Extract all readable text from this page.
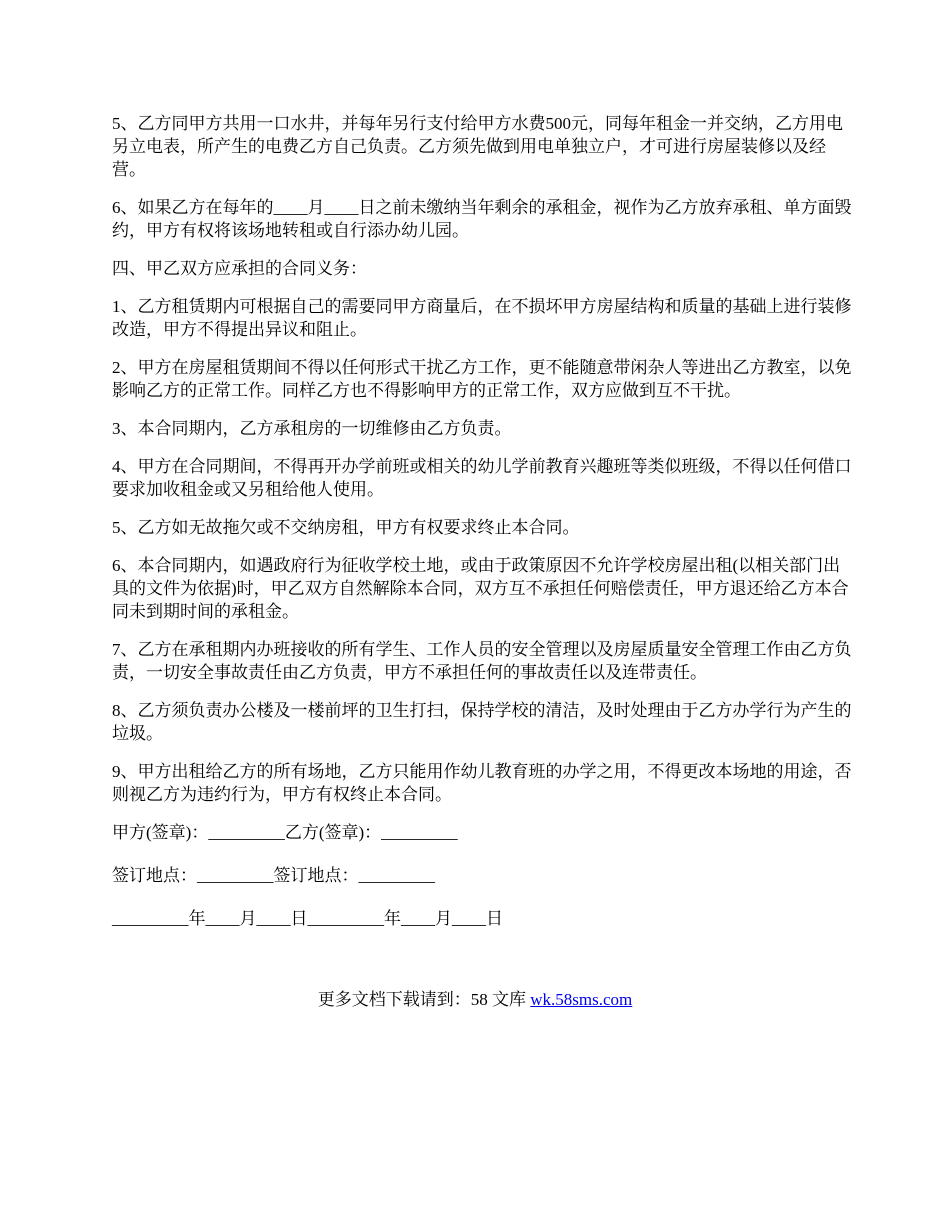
5、乙方同甲方共用一口水井，并每年另行支付给甲方水费500元，同每年租金一并交纳，乙方用电另立电表，所产生的电费乙方自己负责。乙方须先做到用电单独立户，才可进行房屋装修以及经营。

6、如果乙方在每年的____月____日之前未缴纳当年剩余的承租金，视作为乙方放弃承租、单方面毁约，甲方有权将该场地转租或自行添办幼儿园。

四、甲乙双方应承担的合同义务：

1、乙方租赁期内可根据自己的需要同甲方商量后，在不损坏甲方房屋结构和质量的基础上进行装修改造，甲方不得提出异议和阻止。

2、甲方在房屋租赁期间不得以任何形式干扰乙方工作，更不能随意带闲杂人等进出乙方教室，以免影响乙方的正常工作。同样乙方也不得影响甲方的正常工作，双方应做到互不干扰。

3、本合同期内，乙方承租房的一切维修由乙方负责。

4、甲方在合同期间，不得再开办学前班或相关的幼儿学前教育兴趣班等类似班级，不得以任何借口要求加收租金或又另租给他人使用。

5、乙方如无故拖欠或不交纳房租，甲方有权要求终止本合同。

6、本合同期内，如遇政府行为征收学校土地，或由于政策原因不允许学校房屋出租(以相关部门出具的文件为依据)时，甲乙双方自然解除本合同，双方互不承担任何赔偿责任，甲方退还给乙方本合同未到期时间的承租金。

7、乙方在承租期内办班接收的所有学生、工作人员的安全管理以及房屋质量安全管理工作由乙方负责，一切安全事故责任由乙方负责，甲方不承担任何的事故责任以及连带责任。

8、乙方须负责办公楼及一楼前坪的卫生打扫，保持学校的清洁，及时处理由于乙方办学行为产生的垃圾。

9、甲方出租给乙方的所有场地，乙方只能用作幼儿教育班的办学之用，不得更改本场地的用途，否则视乙方为违约行为，甲方有权终止本合同。

甲方(签章)：_________乙方(签章)：_________
签订地点：_________签订地点：_________
_________年____月____日_________年____月____日
更多文档下载请到：58 文库 wk.58sms.com
